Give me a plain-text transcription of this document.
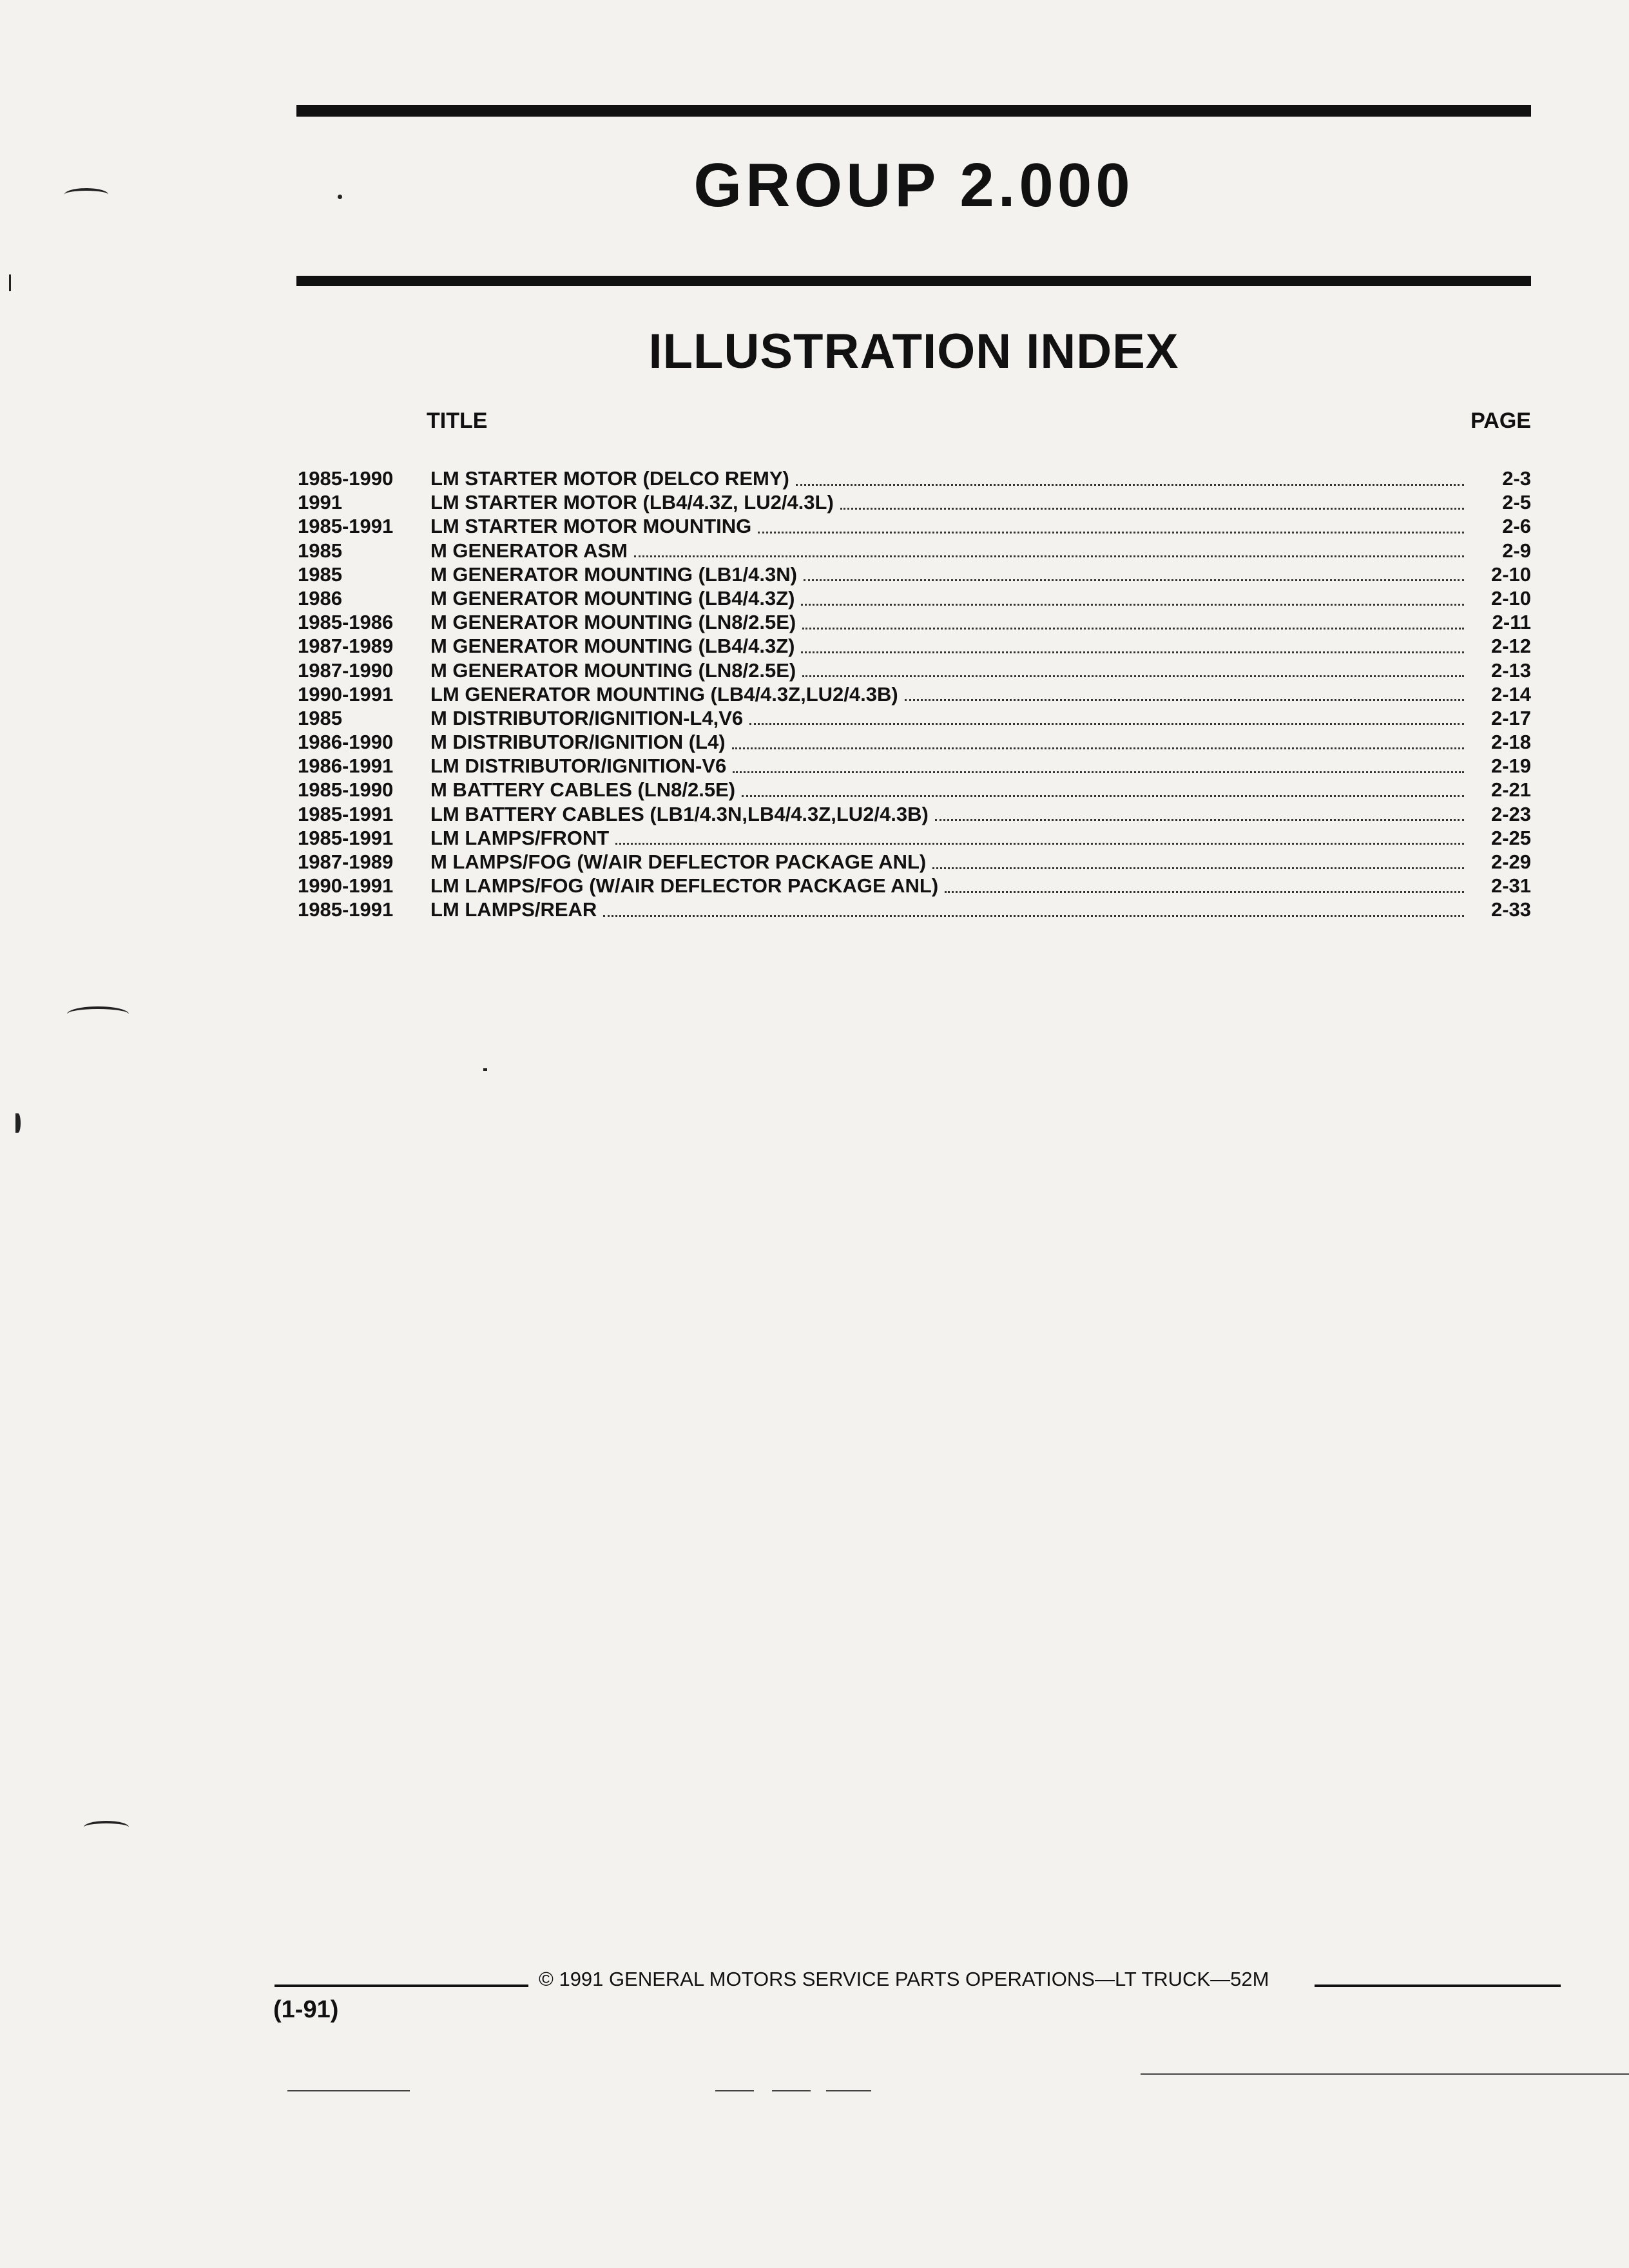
GROUP 2.000
ILLUSTRATION INDEX
TITLE	PAGE
1985-1990	LM STARTER MOTOR (DELCO REMY)	2-3
1991	LM STARTER MOTOR (LB4/4.3Z, LU2/4.3L)	2-5
1985-1991	LM STARTER MOTOR MOUNTING	2-6
1985	M GENERATOR ASM	2-9
1985	M GENERATOR MOUNTING (LB1/4.3N)	2-10
1986	M GENERATOR MOUNTING (LB4/4.3Z)	2-10
1985-1986	M GENERATOR MOUNTING (LN8/2.5E)	2-11
1987-1989	M GENERATOR MOUNTING (LB4/4.3Z)	2-12
1987-1990	M GENERATOR MOUNTING (LN8/2.5E)	2-13
1990-1991	LM GENERATOR MOUNTING (LB4/4.3Z,LU2/4.3B)	2-14
1985	M DISTRIBUTOR/IGNITION-L4,V6	2-17
1986-1990	M DISTRIBUTOR/IGNITION (L4)	2-18
1986-1991	LM DISTRIBUTOR/IGNITION-V6	2-19
1985-1990	M BATTERY CABLES (LN8/2.5E)	2-21
1985-1991	LM BATTERY CABLES (LB1/4.3N,LB4/4.3Z,LU2/4.3B)	2-23
1985-1991	LM LAMPS/FRONT	2-25
1987-1989	M LAMPS/FOG (W/AIR DEFLECTOR PACKAGE ANL)	2-29
1990-1991	LM LAMPS/FOG (W/AIR DEFLECTOR PACKAGE ANL)	2-31
1985-1991	LM LAMPS/REAR	2-33
© 1991 GENERAL MOTORS SERVICE PARTS OPERATIONS—LT TRUCK—52M
(1-91)
